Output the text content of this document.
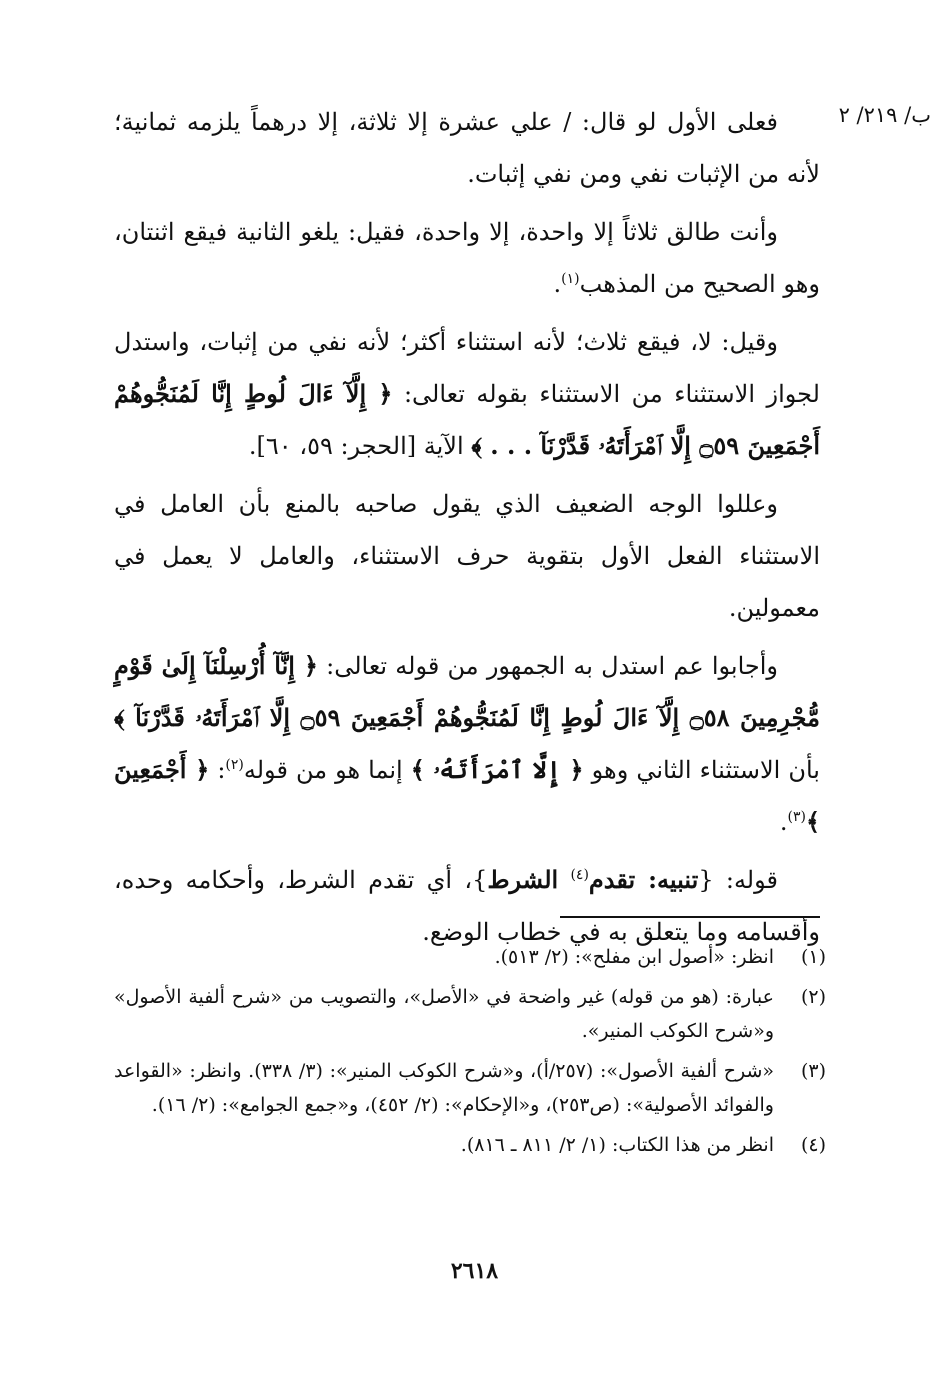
ب/ ٢١٩/ ٢

فعلى الأول لو قال: / علي عشرة إلا ثلاثة، إلا درهماً يلزمه ثمانية؛ لأنه من الإثبات نفي ومن نفي إثبات.

وأنت طالق ثلاثاً إلا واحدة، إلا واحدة، فقيل: يلغو الثانية فيقع اثنتان، وهو الصحيح من المذهب$^{(١)}$.

وقيل: لا، فيقع ثلاث؛ لأنه استثناء أكثر؛ لأنه نفي من إثبات، واستدل لجواز الاستثناء من الاستثناء بقوله تعالى: ﴿ إِلَّآ ءَالَ لُوطٍ إِنَّا لَمُنَجُّوهُمْ أَجْمَعِينَ ۝٥٩ إِلَّا ٱمْرَأَتَهُۥ قَدَّرْنَآ . . . ﴾ الآية [الحجر: ٥٩، ٦٠].

وعللوا الوجه الضعيف الذي يقول صاحبه بالمنع بأن العامل في الاستثناء الفعل الأول بتقوية حرف الاستثناء، والعامل لا يعمل في معمولين.

وأجابوا عم استدل به الجمهور من قوله تعالى: ﴿ إِنَّآ أُرْسِلْنَآ إِلَىٰ قَوْمٍ مُّجْرِمِينَ ۝٥٨ إِلَّآ ءَالَ لُوطٍ إِنَّا لَمُنَجُّوهُمْ أَجْمَعِينَ ۝٥٩ إِلَّا ٱمْرَأَتَهُۥ قَدَّرْنَآ ﴾ بأن الاستثناء الثاني وهو ﴿ إِلَّا ٱمْرَأَتَهُۥ ﴾ إنما هو من قوله$^{(٢)}$: ﴿ أَجْمَعِينَ ﴾$^{(٣)}$.

قوله: {تنبيه: تقدم$^{(٤)}$ الشرط}، أي تقدم الشرط، وأحكامه وحده، وأقسامه وما يتعلق به في خطاب الوضع.

(١)
انظر: «أصول ابن مفلح»: (٢/ ٥١٣).
(٢)
عبارة: (هو من قوله) غير واضحة في «الأصل»، والتصويب من «شرح ألفية الأصول» و«شرح الكوكب المنير».
(٣)
«شرح ألفية الأصول»: (٢٥٧/أ)، و«شرح الكوكب المنير»: (٣/ ٣٣٨). وانظر: «القواعد والفوائد الأصولية»: (ص٢٥٣)، و«الإحكام»: (٢/ ٤٥٢)، و«جمع الجوامع»: (٢/ ١٦).
(٤)
انظر من هذا الكتاب: (١/ ٢/ ٨١١ ـ ٨١٦).
٢٦١٨
